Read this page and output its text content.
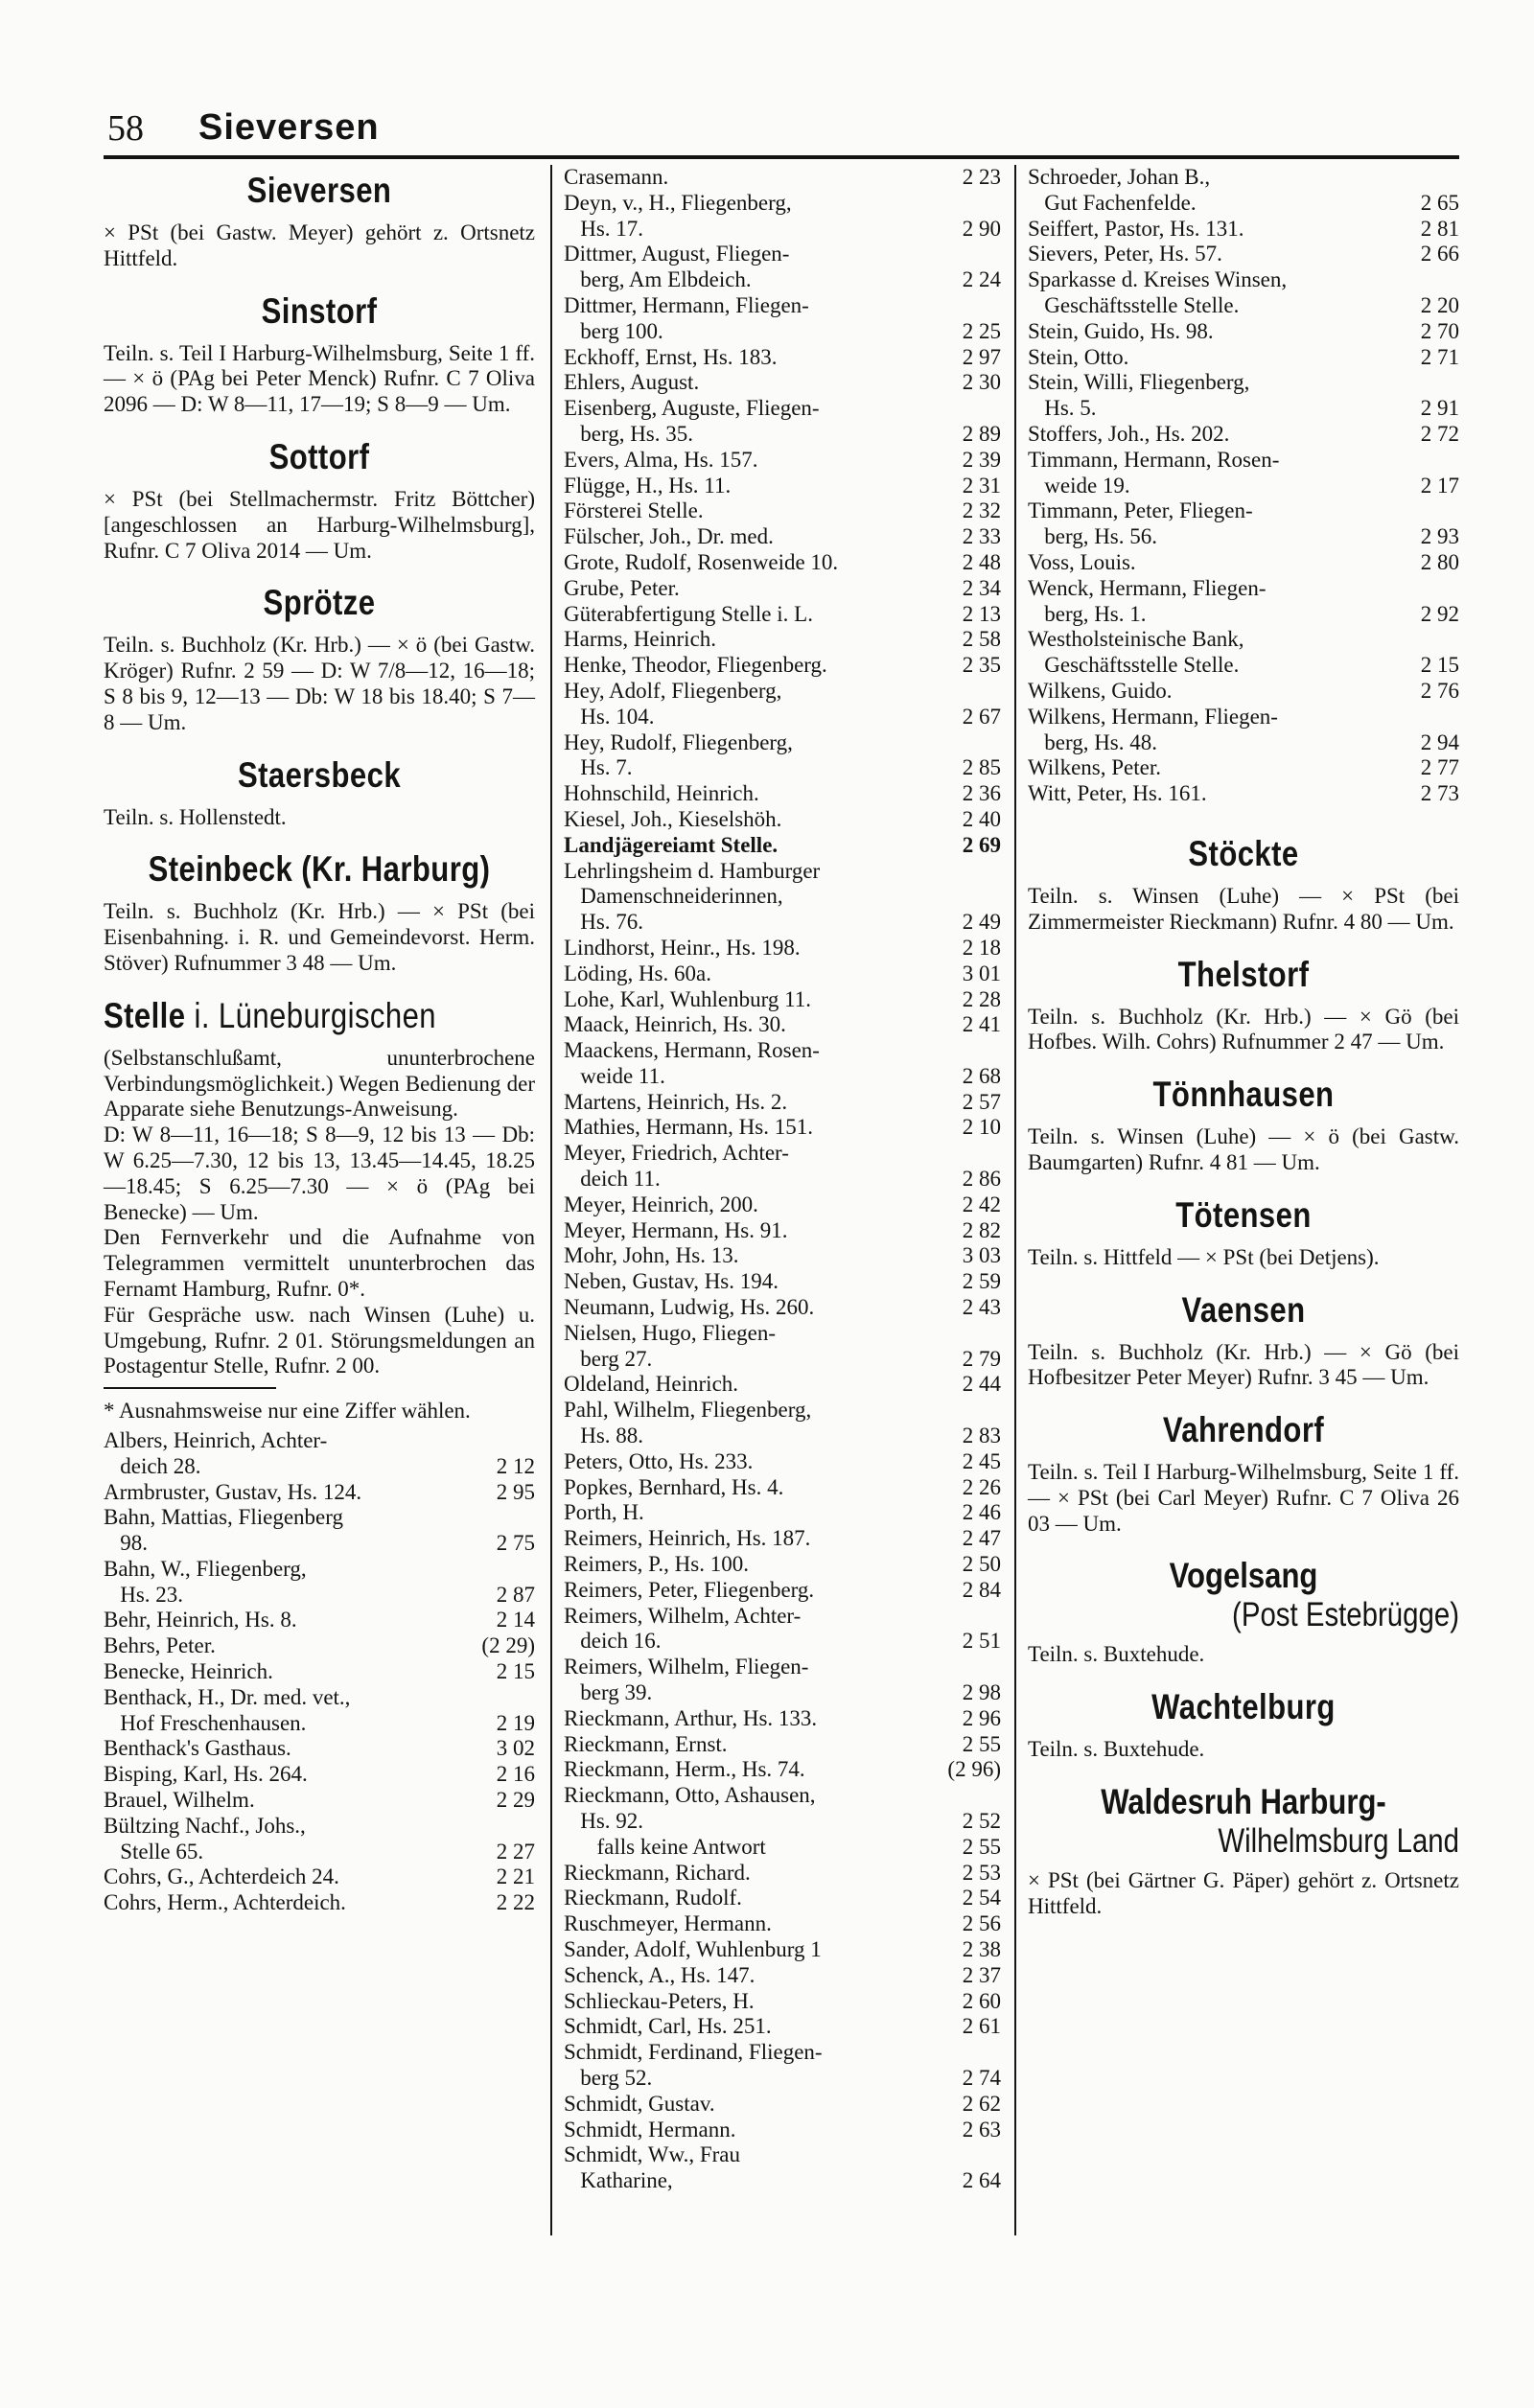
58 Sieversen
Sieversen
× PSt (bei Gastw. Meyer) gehört z. Ortsnetz Hittfeld.
Sinstorf
Teiln. s. Teil I Harburg-Wilhelmsburg, Seite 1 ff. — × ö (PAg bei Peter Menck) Rufnr. C 7 Oliva 2096 — D: W 8—11, 17—19; S 8—9 — Um.
Sottorf
× PSt (bei Stellmachermstr. Fritz Böttcher) [angeschlossen an Harburg-Wilhelmsburg], Rufnr. C 7 Oliva 2014 — Um.
Sprötze
Teiln. s. Buchholz (Kr. Hrb.) — × ö (bei Gastw. Kröger) Rufnr. 2 59 — D: W 7/8—12, 16—18; S 8 bis 9, 12—13 — Db: W 18 bis 18.40; S 7—8 — Um.
Staersbeck
Teiln. s. Hollenstedt.
Steinbeck (Kr. Harburg)
Teiln. s. Buchholz (Kr. Hrb.) — × PSt (bei Eisenbahning. i. R. und Gemeindevorst. Herm. Stöver) Rufnummer 3 48 — Um.
Stelle i. Lüneburgischen

(Selbstanschlußamt, ununterbrochene Verbindungsmöglichkeit.) Wegen Bedienung der Apparate siehe Benutzungs-Anweisung.

D: W 8—11, 16—18; S 8—9, 12 bis 13 — Db: W 6.25—7.30, 12 bis 13, 13.45—14.45, 18.25—18.45; S 6.25—7.30 — × ö (PAg bei Benecke) — Um.

Den Fernverkehr und die Aufnahme von Telegrammen vermittelt ununterbrochen das Fernamt Hamburg, Rufnr. 0*.

Für Gespräche usw. nach Winsen (Luhe) u. Umgebung, Rufnr. 2 01. Störungsmeldungen an Postagentur Stelle, Rufnr. 2 00.

* Ausnahmsweise nur eine Ziffer wählen.

Albers, Heinrich, Achter-
deich 28.	2 12
Armbruster, Gustav, Hs. 124.	2 95
Bahn, Mattias, Fliegenberg
98.	2 75
Bahn, W., Fliegenberg,
Hs. 23.	2 87
Behr, Heinrich, Hs. 8.	2 14
Behrs, Peter.	(2 29)
Benecke, Heinrich.	2 15
Benthack, H., Dr. med. vet.,
Hof Freschenhausen.	2 19
Benthack's Gasthaus.	3 02
Bisping, Karl, Hs. 264.	2 16
Brauel, Wilhelm.	2 29
Bültzing Nachf., Johs.,
Stelle 65.	2 27
Cohrs, G., Achterdeich 24.	2 21
Cohrs, Herm., Achterdeich.	2 22
Crasemann.	2 23
Deyn, v., H., Fliegenberg,
Hs. 17.	2 90
Dittmer, August, Fliegen-
berg, Am Elbdeich.	2 24
Dittmer, Hermann, Fliegen-
berg 100.	2 25
Eckhoff, Ernst, Hs. 183.	2 97
Ehlers, August.	2 30
Eisenberg, Auguste, Fliegen-
berg, Hs. 35.	2 89
Evers, Alma, Hs. 157.	2 39
Flügge, H., Hs. 11.	2 31
Försterei Stelle.	2 32
Fülscher, Joh., Dr. med.	2 33
Grote, Rudolf, Rosenweide 10.	2 48
Grube, Peter.	2 34
Güterabfertigung Stelle i. L.	2 13
Harms, Heinrich.	2 58
Henke, Theodor, Fliegenberg.	2 35
Hey, Adolf, Fliegenberg,
Hs. 104.	2 67
Hey, Rudolf, Fliegenberg,
Hs. 7.	2 85
Hohnschild, Heinrich.	2 36
Kiesel, Joh., Kieselshöh.	2 40
Landjägereiamt Stelle.	2 69
Lehrlingsheim d. Hamburger
Damenschneiderinnen,
Hs. 76.	2 49
Lindhorst, Heinr., Hs. 198.	2 18
Löding, Hs. 60a.	3 01
Lohe, Karl, Wuhlenburg 11.	2 28
Maack, Heinrich, Hs. 30.	2 41
Maackens, Hermann, Rosen-
weide 11.	2 68
Martens, Heinrich, Hs. 2.	2 57
Mathies, Hermann, Hs. 151.	2 10
Meyer, Friedrich, Achter-
deich 11.	2 86
Meyer, Heinrich, 200.	2 42
Meyer, Hermann, Hs. 91.	2 82
Mohr, John, Hs. 13.	3 03
Neben, Gustav, Hs. 194.	2 59
Neumann, Ludwig, Hs. 260.	2 43
Nielsen, Hugo, Fliegen-
berg 27.	2 79
Oldeland, Heinrich.	2 44
Pahl, Wilhelm, Fliegenberg,
Hs. 88.	2 83
Peters, Otto, Hs. 233.	2 45
Popkes, Bernhard, Hs. 4.	2 26
Porth, H.	2 46
Reimers, Heinrich, Hs. 187.	2 47
Reimers, P., Hs. 100.	2 50
Reimers, Peter, Fliegenberg.	2 84
Reimers, Wilhelm, Achter-
deich 16.	2 51
Reimers, Wilhelm, Fliegen-
berg 39.	2 98
Rieckmann, Arthur, Hs. 133.	2 96
Rieckmann, Ernst.	2 55
Rieckmann, Herm., Hs. 74.	(2 96)
Rieckmann, Otto, Ashausen,
Hs. 92.	2 52
falls keine Antwort	2 55
Rieckmann, Richard.	2 53
Rieckmann, Rudolf.	2 54
Ruschmeyer, Hermann.	2 56
Sander, Adolf, Wuhlenburg 1	2 38
Schenck, A., Hs. 147.	2 37
Schlieckau-Peters, H.	2 60
Schmidt, Carl, Hs. 251.	2 61
Schmidt, Ferdinand, Fliegen-
berg 52.	2 74
Schmidt, Gustav.	2 62
Schmidt, Hermann.	2 63
Schmidt, Ww., Frau
Katharine,	2 64
Schroeder, Johan B.,
Gut Fachenfelde.	2 65
Seiffert, Pastor, Hs. 131.	2 81
Sievers, Peter, Hs. 57.	2 66
Sparkasse d. Kreises Winsen,
Geschäftsstelle Stelle.	2 20
Stein, Guido, Hs. 98.	2 70
Stein, Otto.	2 71
Stein, Willi, Fliegenberg,
Hs. 5.	2 91
Stoffers, Joh., Hs. 202.	2 72
Timmann, Hermann, Rosen-
weide 19.	2 17
Timmann, Peter, Fliegen-
berg, Hs. 56.	2 93
Voss, Louis.	2 80
Wenck, Hermann, Fliegen-
berg, Hs. 1.	2 92
Westholsteinische Bank,
Geschäftsstelle Stelle.	2 15
Wilkens, Guido.	2 76
Wilkens, Hermann, Fliegen-
berg, Hs. 48.	2 94
Wilkens, Peter.	2 77
Witt, Peter, Hs. 161.	2 73
Stöckte
Teiln. s. Winsen (Luhe) — × PSt (bei Zimmermeister Rieckmann) Rufnr. 4 80 — Um.
Thelstorf
Teiln. s. Buchholz (Kr. Hrb.) — × Gö (bei Hofbes. Wilh. Cohrs) Rufnummer 2 47 — Um.
Tönnhausen
Teiln. s. Winsen (Luhe) — × ö (bei Gastw. Baumgarten) Rufnr. 4 81 — Um.
Tötensen
Teiln. s. Hittfeld — × PSt (bei Detjens).
Vaensen
Teiln. s. Buchholz (Kr. Hrb.) — × Gö (bei Hofbesitzer Peter Meyer) Rufnr. 3 45 — Um.
Vahrendorf
Teiln. s. Teil I Harburg-Wilhelmsburg, Seite 1 ff. — × PSt (bei Carl Meyer) Rufnr. C 7 Oliva 26 03 — Um.
Vogelsang
(Post Estebrügge)
Teiln. s. Buxtehude.
Wachtelburg
Teiln. s. Buxtehude.
Waldesruh Harburg-
Wilhelmsburg Land
× PSt (bei Gärtner G. Päper) gehört z. Ortsnetz Hittfeld.
